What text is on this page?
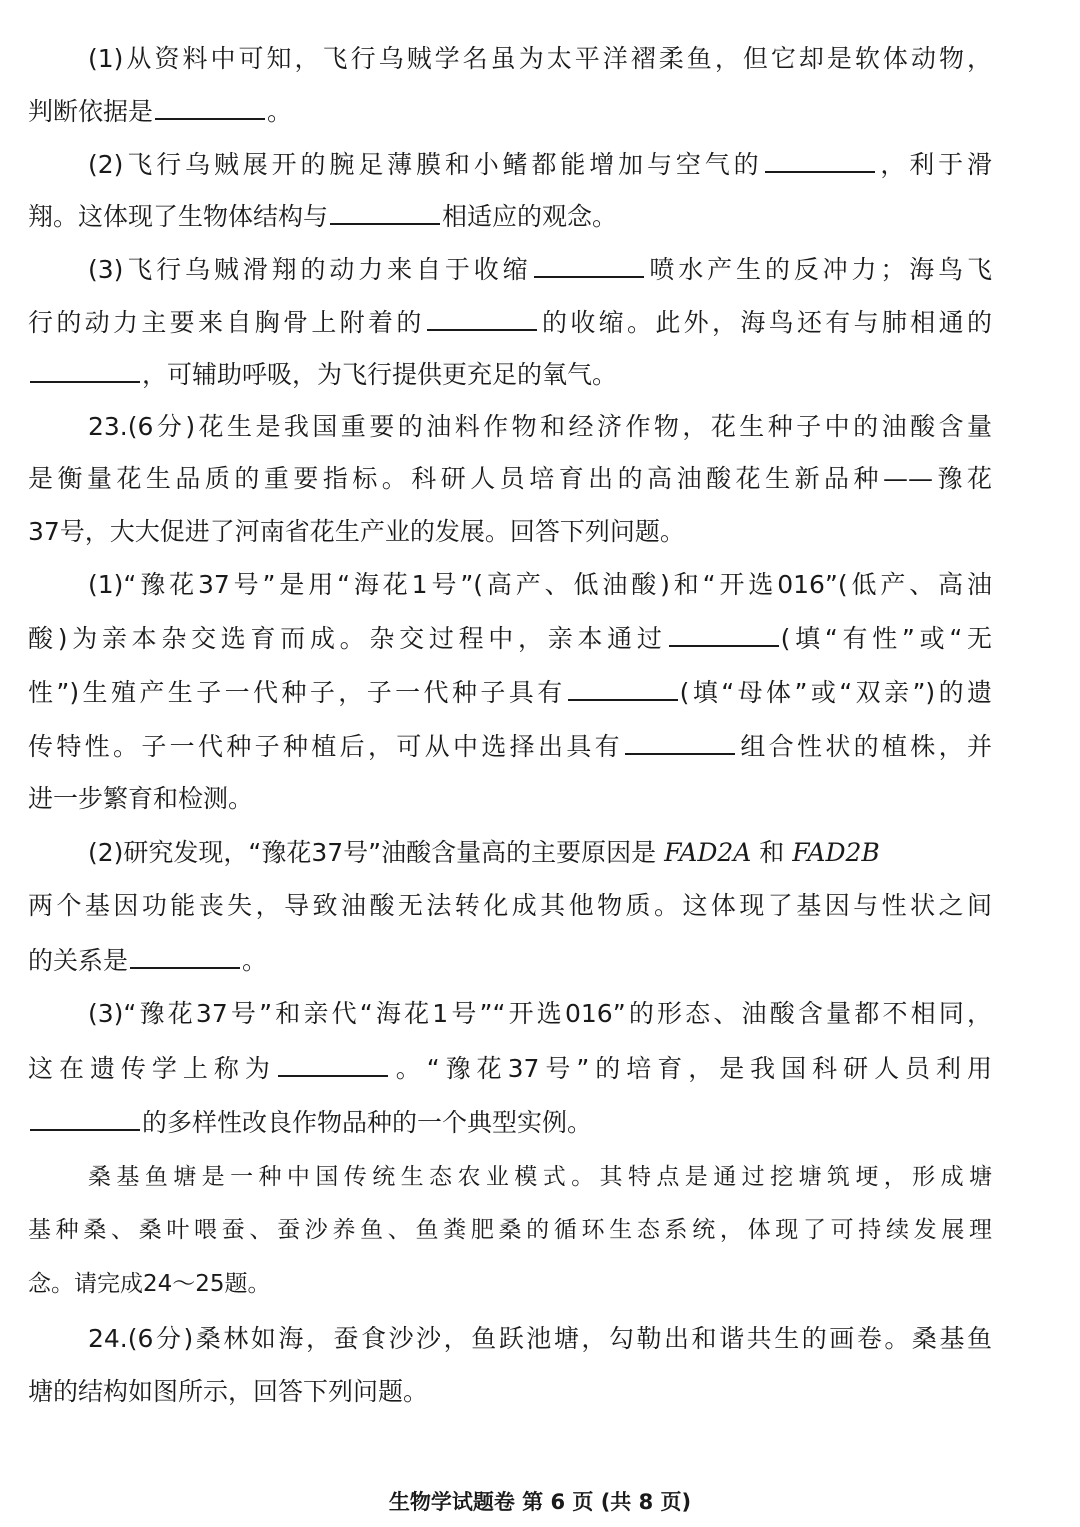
(1)从资料中可知，飞行乌贼学名虽为太平洋褶柔鱼，但它却是软体动物，
判断依据是	。
(2)飞行乌贼展开的腕足薄膜和小鳍都能增加与空气的	，利于滑
翔。这体现了生物体结构与	相适应的观念。
(3)飞行乌贼滑翔的动力来自于收缩	喷水产生的反冲力；海鸟飞
行的动力主要来自胸骨上附着的	的收缩。此外，海鸟还有与肺相通的
，可辅助呼吸，为飞行提供更充足的氧气。
23.(6分)花生是我国重要的油料作物和经济作物，花生种子中的油酸含量
是衡量花生品质的重要指标。科研人员培育出的高油酸花生新品种——豫花
37号，大大促进了河南省花生产业的发展。回答下列问题。
(1)“豫花37号”是用“海花1号”(高产、低油酸)和“开选016”(低产、高油
酸)为亲本杂交选育而成。杂交过程中，亲本通过	(填“有性”或“无
性”)生殖产生子一代种子，子一代种子具有	(填“母体”或“双亲”)的遗
传特性。子一代种子种植后，可从中选择出具有	组合性状的植株，并
进一步繁育和检测。
(2)研究发现，“豫花37号”油酸含量高的主要原因是 FAD2A 和 FAD2B
两个基因功能丧失，导致油酸无法转化成其他物质。这体现了基因与性状之间
的关系是	。
(3)“豫花37号”和亲代“海花1号”“开选016”的形态、油酸含量都不相同，
这在遗传学上称为	。“豫花37号”的培育，是我国科研人员利用
的多样性改良作物品种的一个典型实例。
桑基鱼塘是一种中国传统生态农业模式。其特点是通过挖塘筑埂，形成塘
基种桑、桑叶喂蚕、蚕沙养鱼、鱼粪肥桑的循环生态系统，体现了可持续发展理
念。请完成24～25题。
24.(6分)桑林如海，蚕食沙沙，鱼跃池塘，勾勒出和谐共生的画卷。桑基鱼
塘的结构如图所示，回答下列问题。
生物学试题卷 第 6 页 (共 8 页)
